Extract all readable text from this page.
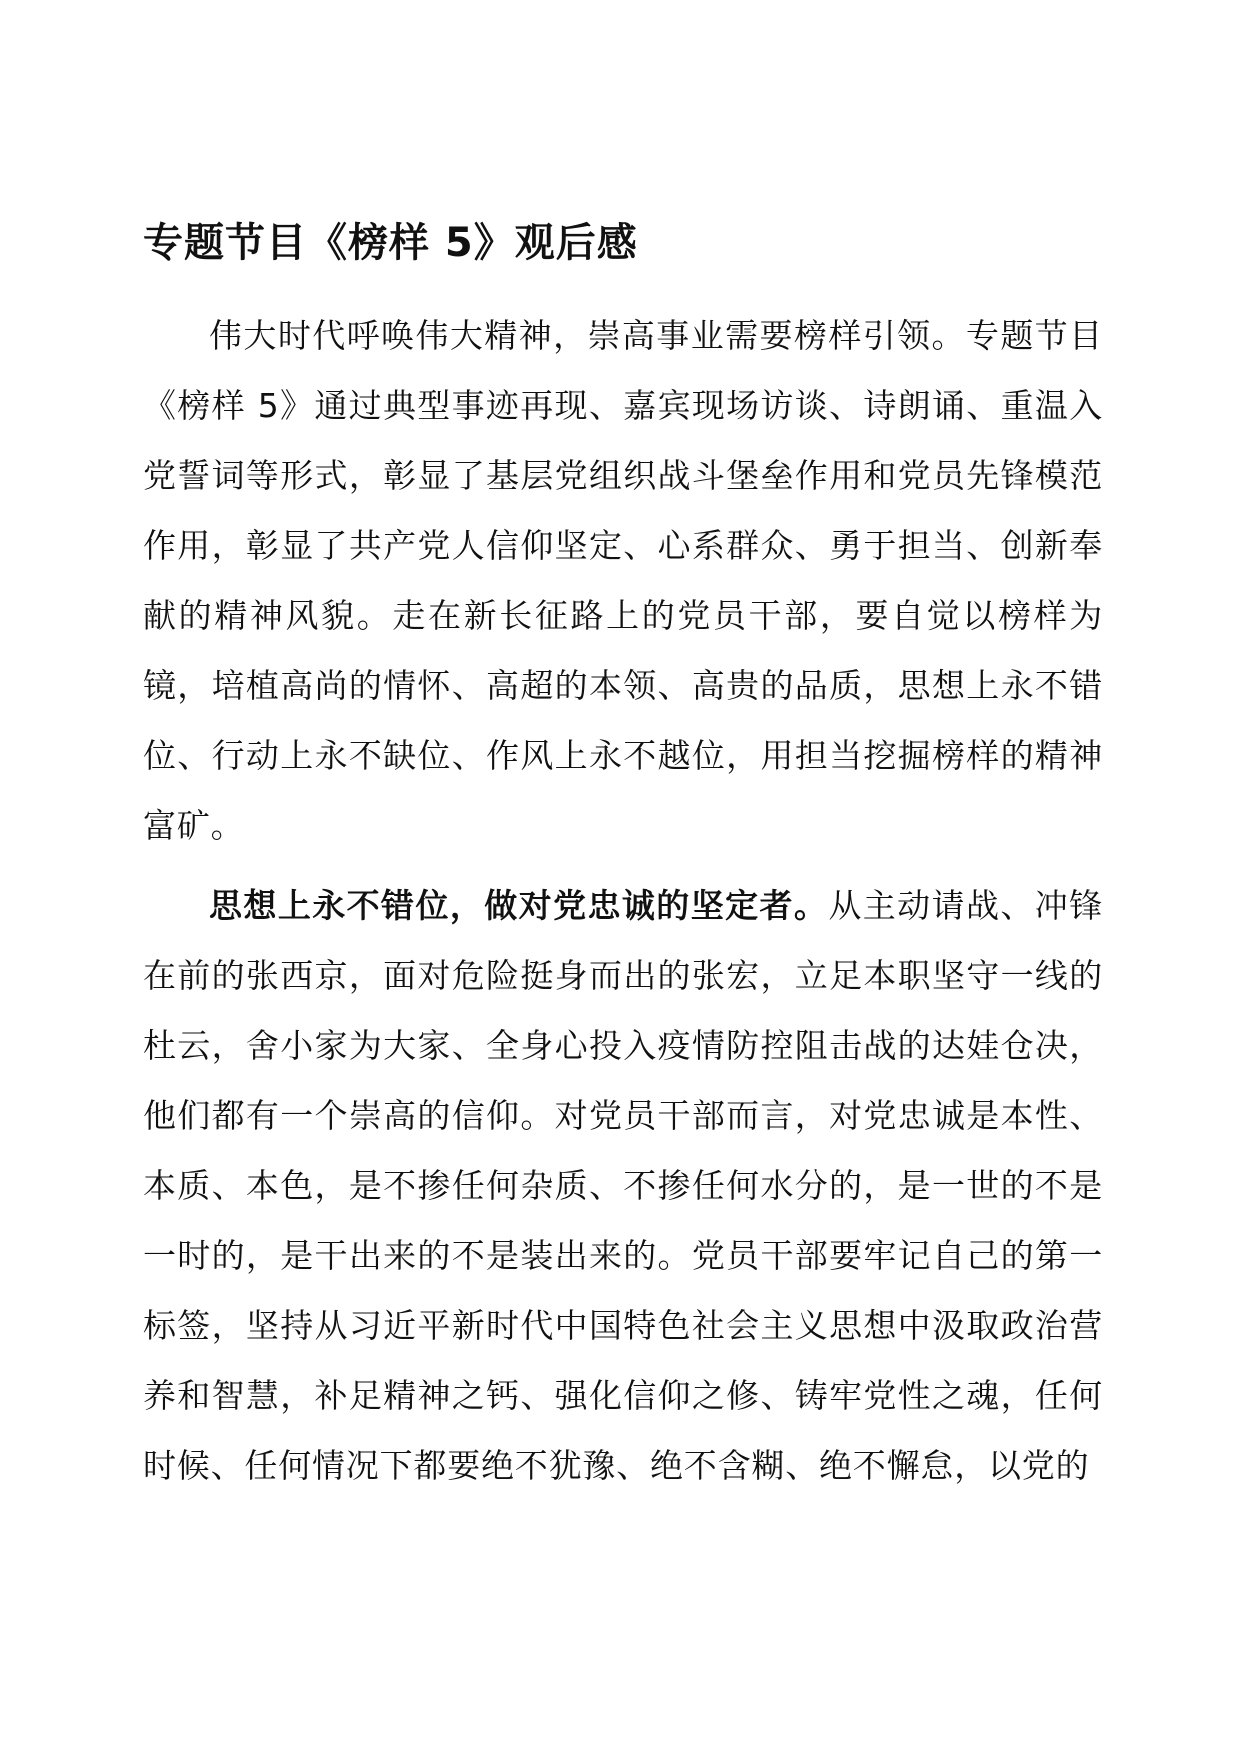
专题节目《榜样 5》观后感

伟大时代呼唤伟大精神，崇高事业需要榜样引领。专题节目《榜样 5》通过典型事迹再现、嘉宾现场访谈、诗朗诵、重温入党誓词等形式，彰显了基层党组织战斗堡垒作用和党员先锋模范作用，彰显了共产党人信仰坚定、心系群众、勇于担当、创新奉献的精神风貌。走在新长征路上的党员干部，要自觉以榜样为镜，培植高尚的情怀、高超的本领、高贵的品质，思想上永不错位、行动上永不缺位、作风上永不越位，用担当挖掘榜样的精神富矿。

思想上永不错位，做对党忠诚的坚定者。从主动请战、冲锋在前的张西京，面对危险挺身而出的张宏，立足本职坚守一线的杜云，舍小家为大家、全身心投入疫情防控阻击战的达娃仓决，他们都有一个崇高的信仰。对党员干部而言，对党忠诚是本性、本质、本色，是不掺任何杂质、不掺任何水分的，是一世的不是一时的，是干出来的不是装出来的。党员干部要牢记自己的第一标签，坚持从习近平新时代中国特色社会主义思想中汲取政治营养和智慧，补足精神之钙、强化信仰之修、铸牢党性之魂，任何时候、任何情况下都要绝不犹豫、绝不含糊、绝不懈怠，以党的
